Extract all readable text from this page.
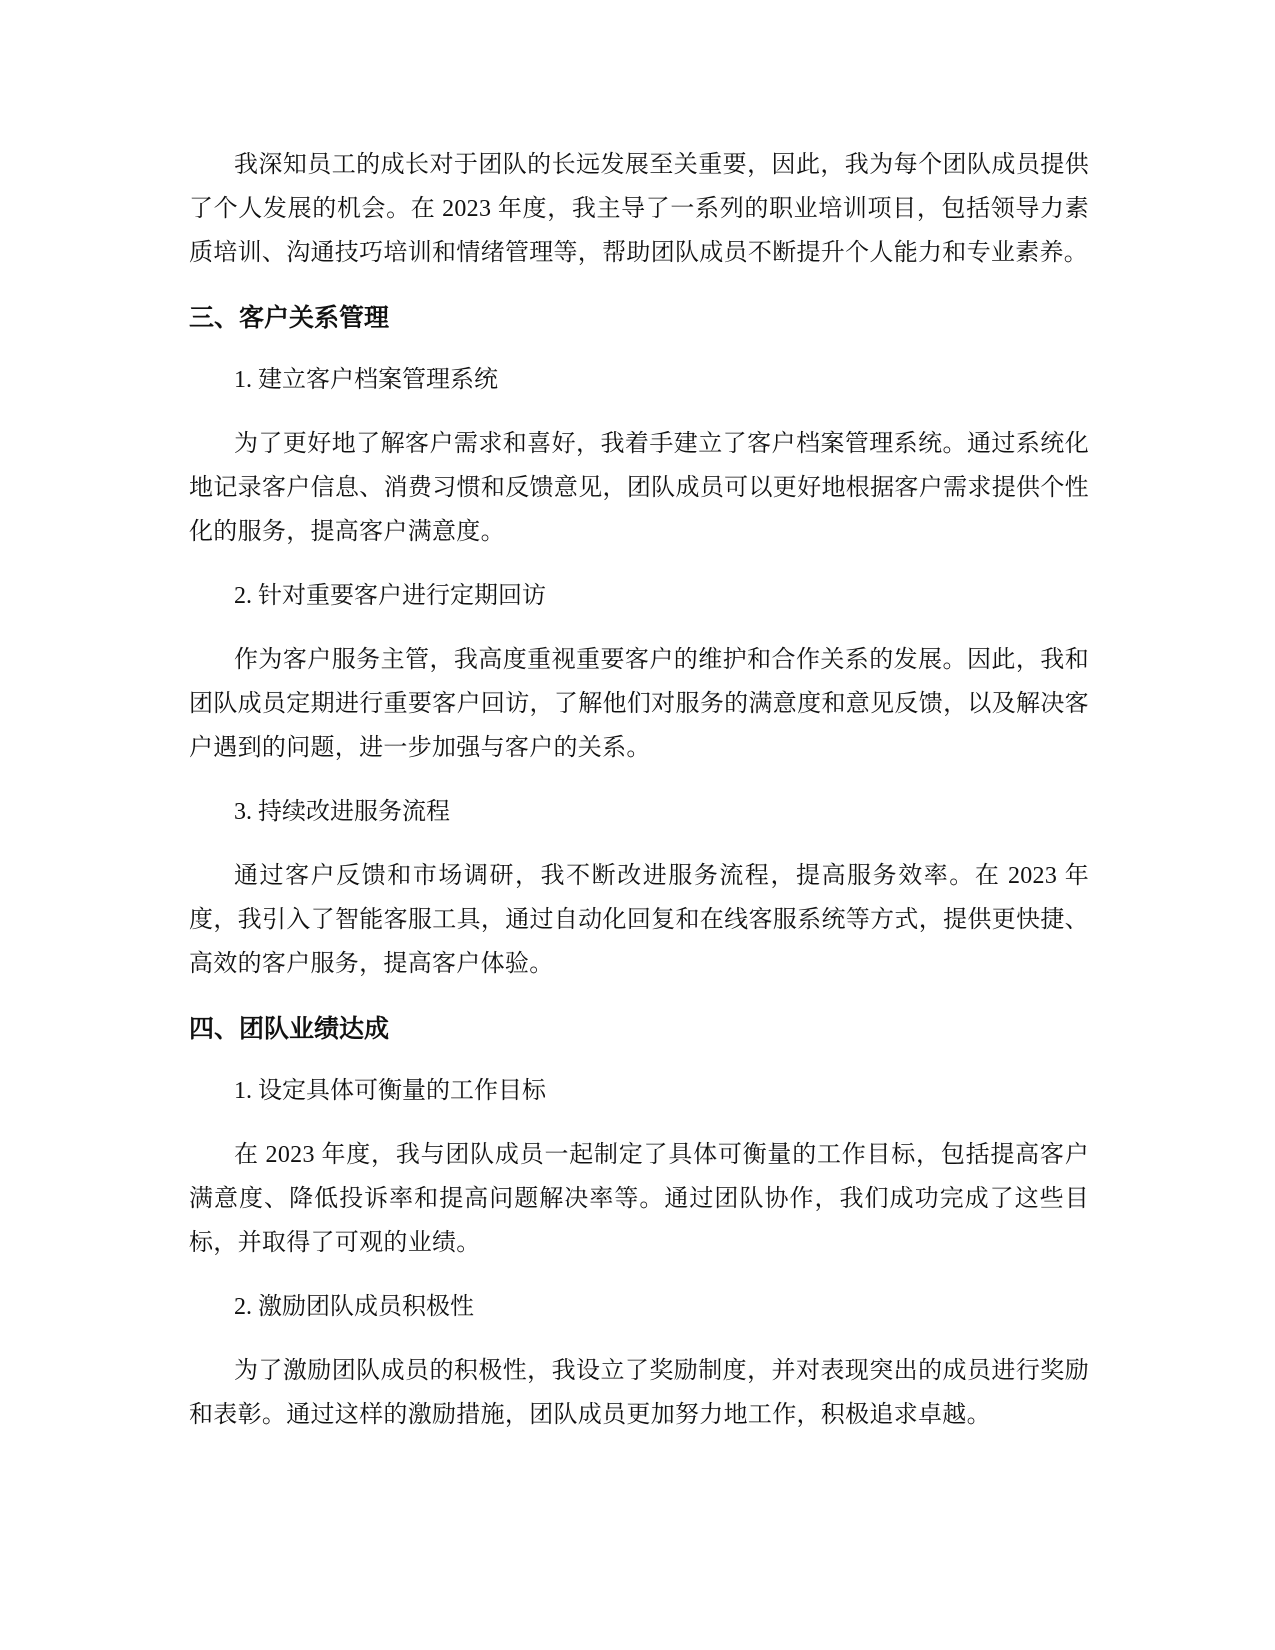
我深知员工的成长对于团队的长远发展至关重要，因此，我为每个团队成员提供了个人发展的机会。在 2023 年度，我主导了一系列的职业培训项目，包括领导力素质培训、沟通技巧培训和情绪管理等，帮助团队成员不断提升个人能力和专业素养。

三、客户关系管理

1. 建立客户档案管理系统

为了更好地了解客户需求和喜好，我着手建立了客户档案管理系统。通过系统化地记录客户信息、消费习惯和反馈意见，团队成员可以更好地根据客户需求提供个性化的服务，提高客户满意度。

2. 针对重要客户进行定期回访

作为客户服务主管，我高度重视重要客户的维护和合作关系的发展。因此，我和团队成员定期进行重要客户回访，了解他们对服务的满意度和意见反馈，以及解决客户遇到的问题，进一步加强与客户的关系。

3. 持续改进服务流程

通过客户反馈和市场调研，我不断改进服务流程，提高服务效率。在 2023 年度，我引入了智能客服工具，通过自动化回复和在线客服系统等方式，提供更快捷、高效的客户服务，提高客户体验。

四、团队业绩达成

1. 设定具体可衡量的工作目标

在 2023 年度，我与团队成员一起制定了具体可衡量的工作目标，包括提高客户满意度、降低投诉率和提高问题解决率等。通过团队协作，我们成功完成了这些目标，并取得了可观的业绩。

2. 激励团队成员积极性

为了激励团队成员的积极性，我设立了奖励制度，并对表现突出的成员进行奖励和表彰。通过这样的激励措施，团队成员更加努力地工作，积极追求卓越。
